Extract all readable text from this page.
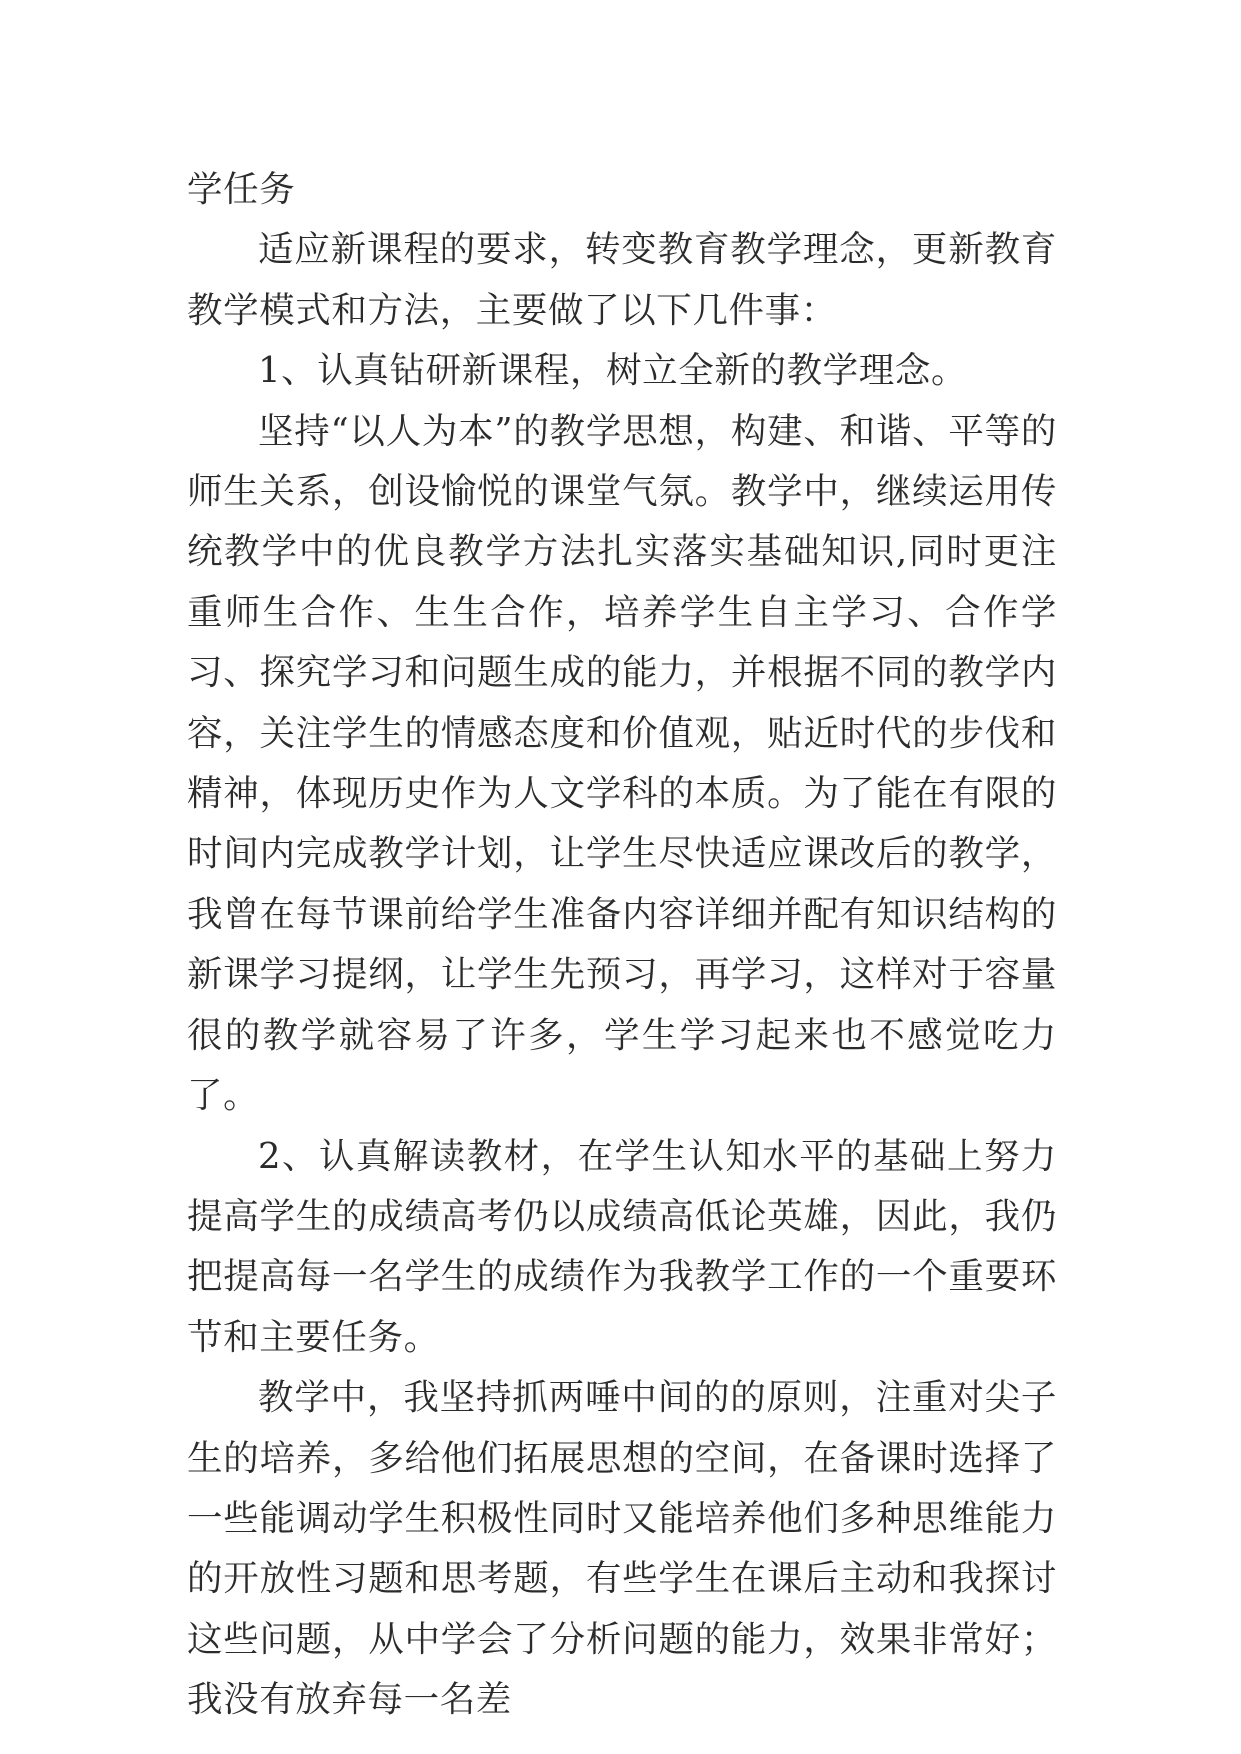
学任务

适应新课程的要求，转变教育教学理念，更新教育教学模式和方法，主要做了以下几件事：

1、认真钻研新课程，树立全新的教学理念。

坚持“以人为本”的教学思想，构建、和谐、平等的师生关系，创设愉悦的课堂气氛。教学中，继续运用传统教学中的优良教学方法扎实落实基础知识,同时更注重师生合作、生生合作，培养学生自主学习、合作学习、探究学习和问题生成的能力，并根据不同的教学内容，关注学生的情感态度和价值观，贴近时代的步伐和精神，体现历史作为人文学科的本质。为了能在有限的时间内完成教学计划，让学生尽快适应课改后的教学，我曾在每节课前给学生准备内容详细并配有知识结构的新课学习提纲，让学生先预习，再学习，这样对于容量很的教学就容易了许多，学生学习起来也不感觉吃力了。

2、认真解读教材，在学生认知水平的基础上努力提高学生的成绩高考仍以成绩高低论英雄，因此，我仍把提高每一名学生的成绩作为我教学工作的一个重要环节和主要任务。

教学中，我坚持抓两唾中间的的原则，注重对尖子生的培养，多给他们拓展思想的空间，在备课时选择了一些能调动学生积极性同时又能培养他们多种思维能力的开放性习题和思考题，有些学生在课后主动和我探讨这些问题，从中学会了分析问题的能力，效果非常好；我没有放弃每一名差
